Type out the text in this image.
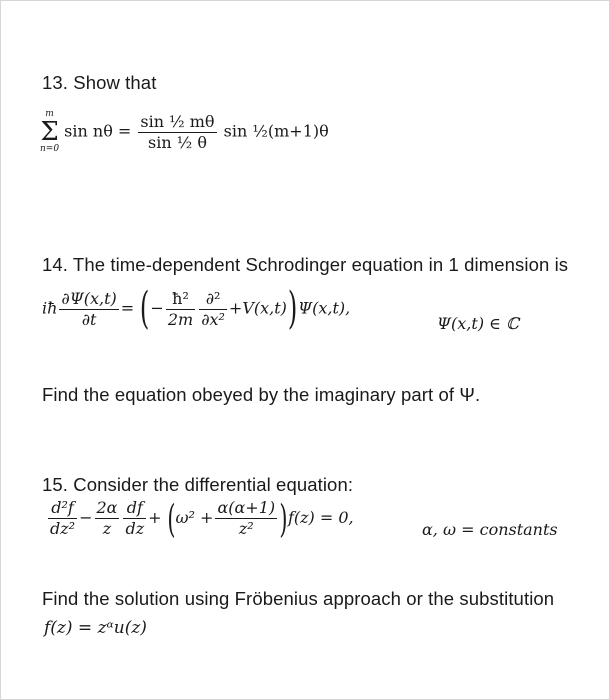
13. Show that
m
Σ
n=0
$\sin n\theta = \frac{\text{sin ½ mθ}}{\text{sin ½ θ}}$ sin ½(m+1)θ
14. The time-dependent Schrodinger equation in 1 dimension is
iħ $\frac{\partial\Psi(x,t)}{\partial t}$ = (− $\frac{\text{ħ²}}{2m} \frac{\text{∂²}}{\text{∂x²}} +V(x,t))\Psi(x,t)$,
Ψ(x,t) ∈ ℂ
Find the equation obeyed by the imaginary part of Ψ.
15. Consider the differential equation:
$\frac{\text{d²f}}{\text{dz²}} - \frac{2\alpha}{z} \frac{df}{dz} + (\omega^2 + \frac{\alpha(\alpha+1)}{\text{z²}} )f(z) = 0$,
α, ω = constants
Find the solution using Fröbenius approach or the substitution
f(z) = zᵅu(z)
